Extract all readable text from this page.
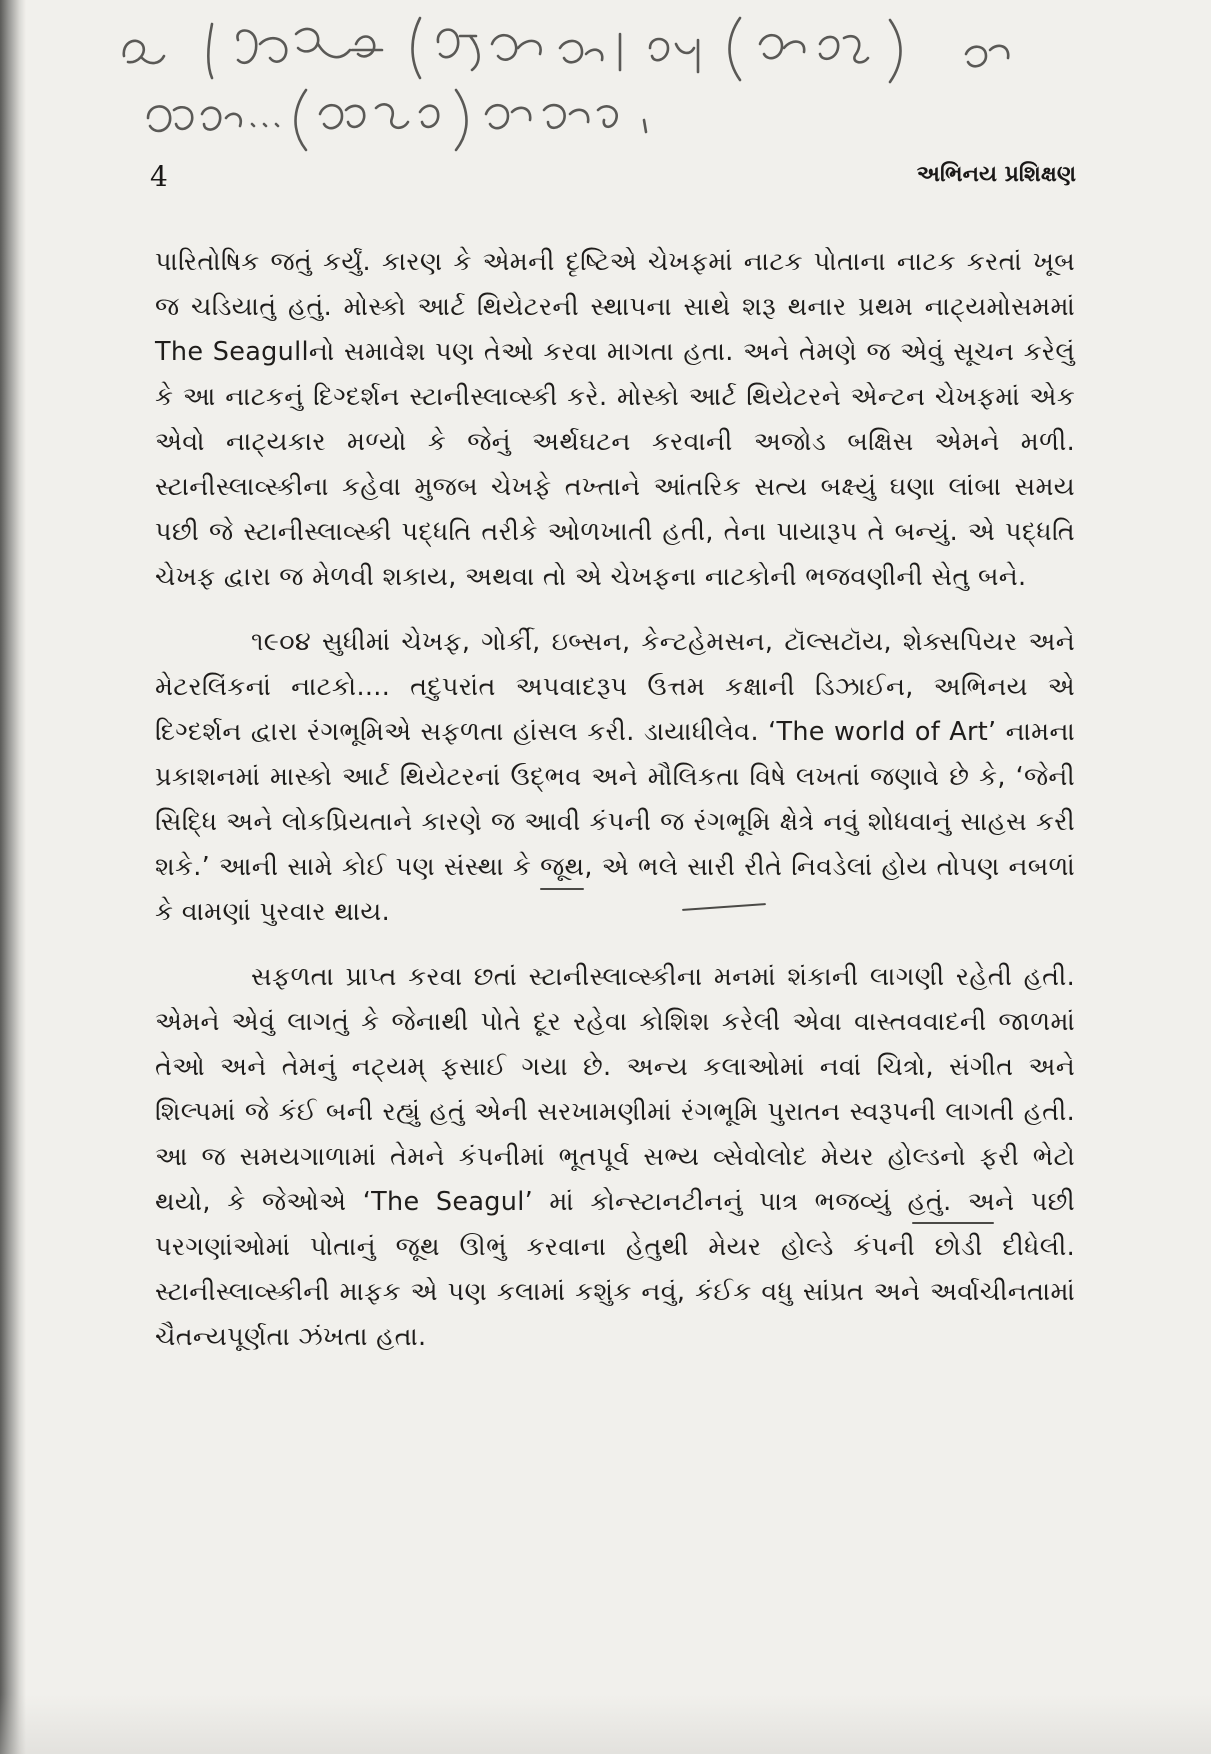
4	અભિનય પ્રશિક્ષણ

પારિતોષિક જતું કર્યું. કારણ કે એમની દૃષ્ટિએ ચેખફમાં નાટક પોતાના નાટક કરતાં ખૂબ જ ચડિયાતું હતું. મોસ્કો આર્ટ થિયેટરની સ્થાપના સાથે શરૂ થનાર પ્રથમ નાટ્યમોસમમાં The Seagullનો સમાવેશ પણ તેઓ કરવા માગતા હતા. અને તેમણે જ એવું સૂચન કરેલું કે આ નાટકનું દિગ્દર્શન સ્ટાનીસ્લાવ્સ્કી કરે. મોસ્કો આર્ટ થિયેટરને એન્ટન ચેખફમાં એક એવો નાટ્યકાર મળ્યો કે જેનું અર્થઘટન કરવાની અજોડ બક્ષિસ એમને મળી. સ્ટાનીસ્લાવ્સ્કીના કહેવા મુજબ ચેખફે તખ્તાને આંતરિક સત્ય બક્ષ્યું ઘણા લાંબા સમય પછી જે સ્ટાનીસ્લાવ્સ્કી પદ્ધતિ તરીકે ઓળખાતી હતી, તેના પાયારૂપ તે બન્યું. એ પદ્ધતિ ચેખફ દ્વારા જ મેળવી શકાય, અથવા તો એ ચેખફના નાટકોની ભજવણીની સેતુ બને.

૧૯૦૪ સુધીમાં ચેખફ, ગોર્કી, ઇબ્સન, કેન્ટહેમસન, ટૉલ્સટૉય, શેક્સપિયર અને મેટરલિંકનાં નાટકો.... તદુપરાંત અપવાદરૂપ ઉત્તમ કક્ષાની ડિઝાઈન, અભિનય એ દિગ્દર્શન દ્વારા રંગભૂમિએ સફળતા હાંસલ કરી. ડાયાધીલેવ. ‘The world of Art’ નામના પ્રકાશનમાં માસ્કો આર્ટ થિયેટરનાં ઉદ્ભવ અને મૌલિકતા વિષે લખતાં જણાવે છે કે, ‘જેની સિદ્ધિ અને લોકપ્રિયતાને કારણે જ આવી કંપની જ રંગભૂમિ ક્ષેત્રે નવું શોધવાનું સાહસ કરી શકે.’ આની સામે કોઈ પણ સંસ્થા કે જૂથ, એ ભલે સારી રીતે નિવડેલાં હોય તોપણ નબળાં કે વામણાં પુરવાર થાય.

સફળતા પ્રાપ્ત કરવા છતાં સ્ટાનીસ્લાવ્સ્કીના મનમાં શંકાની લાગણી રહેતી હતી. એમને એવું લાગતું કે જેનાથી પોતે દૂર રહેવા કોશિશ કરેલી એવા વાસ્તવવાદની જાળમાં તેઓ અને તેમનું નટ્યમ્ ફસાઈ ગયા છે. અન્ય કલાઓમાં નવાં ચિત્રો, સંગીત અને શિલ્પમાં જે કંઈ બની રહ્યું હતું એની સરખામણીમાં રંગભૂમિ પુરાતન સ્વરૂપની લાગતી હતી. આ જ સમયગાળામાં તેમને કંપનીમાં ભૂતપૂર્વ સભ્ય વ્સેવોલોદ મેયર હોલ્ડનો ફરી ભેટો થયો, કે જેઓએ ‘The Seagul’ માં કોન્સ્ટાનટીનનું પાત્ર ભજવ્યું હતું. અને પછી પરગણાંઓમાં પોતાનું જૂથ ઊભું કરવાના હેતુથી મેયર હોલ્ડે કંપની છોડી દીધેલી. સ્ટાનીસ્લાવ્સ્કીની માફક એ પણ કલામાં કશુંક નવું, કંઈક વધુ સાંપ્રત અને અર્વાચીનતામાં ચૈતન્યપૂર્ણતા ઝંખતા હતા.
